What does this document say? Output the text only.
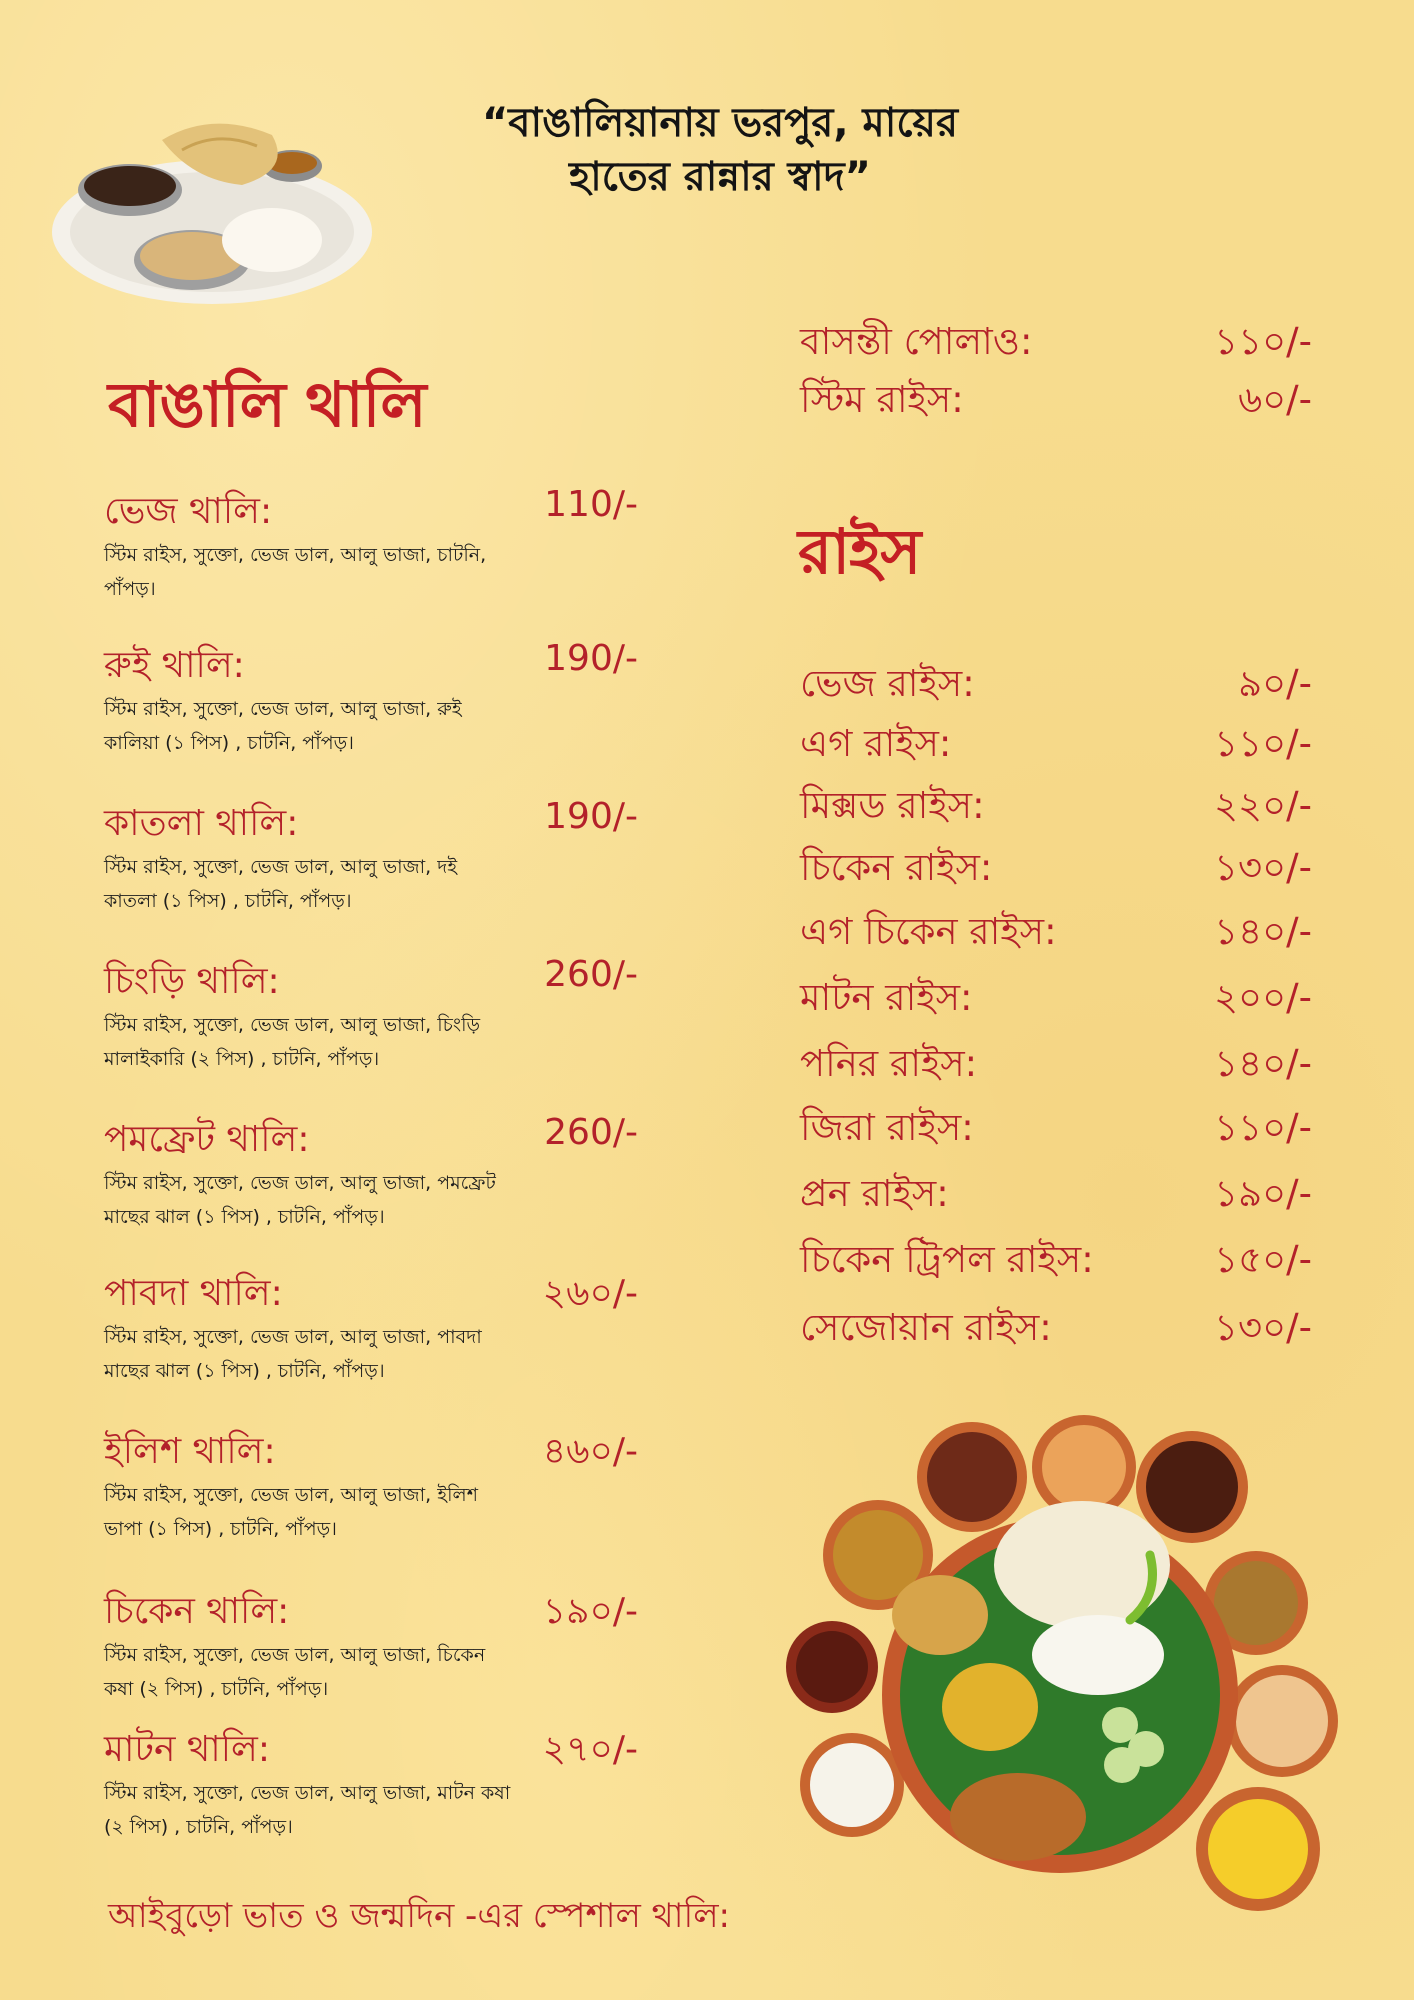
“বাঙালিয়ানায় ভরপুর, মায়ের
হাতের রান্নার স্বাদ”
বাঙালি থালি
ভেজ থালি:	110/-
স্টিম রাইস, সুক্তো, ভেজ ডাল, আলু ভাজা, চাটনি, পাঁপড়।
রুই থালি:	190/-
স্টিম রাইস, সুক্তো, ভেজ ডাল, আলু ভাজা, রুই কালিয়া (১ পিস) , চাটনি, পাঁপড়।
কাতলা থালি:	190/-
স্টিম রাইস, সুক্তো, ভেজ ডাল, আলু ভাজা, দই কাতলা (১ পিস) , চাটনি, পাঁপড়।
চিংড়ি থালি:	260/-
স্টিম রাইস, সুক্তো, ভেজ ডাল, আলু ভাজা, চিংড়ি মালাইকারি (২ পিস) , চাটনি, পাঁপড়।
পমফ্রেট থালি:	260/-
স্টিম রাইস, সুক্তো, ভেজ ডাল, আলু ভাজা, পমফ্রেট মাছের ঝাল (১ পিস) , চাটনি, পাঁপড়।
পাবদা থালি:	২৬০/-
স্টিম রাইস, সুক্তো, ভেজ ডাল, আলু ভাজা, পাবদা মাছের ঝাল (১ পিস) , চাটনি, পাঁপড়।
ইলিশ থালি:	৪৬০/-
স্টিম রাইস, সুক্তো, ভেজ ডাল, আলু ভাজা, ইলিশ ভাপা (১ পিস) , চাটনি, পাঁপড়।
চিকেন থালি:	১৯০/-
স্টিম রাইস, সুক্তো, ভেজ ডাল, আলু ভাজা, চিকেন কষা (২ পিস) , চাটনি, পাঁপড়।
মাটন থালি:	২৭০/-
স্টিম রাইস, সুক্তো, ভেজ ডাল, আলু ভাজা, মাটন কষা (২ পিস) , চাটনি, পাঁপড়।
বাসন্তী পোলাও:	১১০/-
স্টিম রাইস:	৬০/-
রাইস
ভেজ রাইস:	৯০/-
এগ রাইস:	১১০/-
মিক্সড রাইস:	২২০/-
চিকেন রাইস:	১৩০/-
এগ চিকেন রাইস:	১৪০/-
মাটন রাইস:	২০০/-
পনির রাইস:	১৪০/-
জিরা রাইস:	১১০/-
প্রন রাইস:	১৯০/-
চিকেন ট্রিপল রাইস:	১৫০/-
সেজোয়ান রাইস:	১৩০/-
আইবুড়ো ভাত ও জন্মদিন -এর স্পেশাল থালি:
